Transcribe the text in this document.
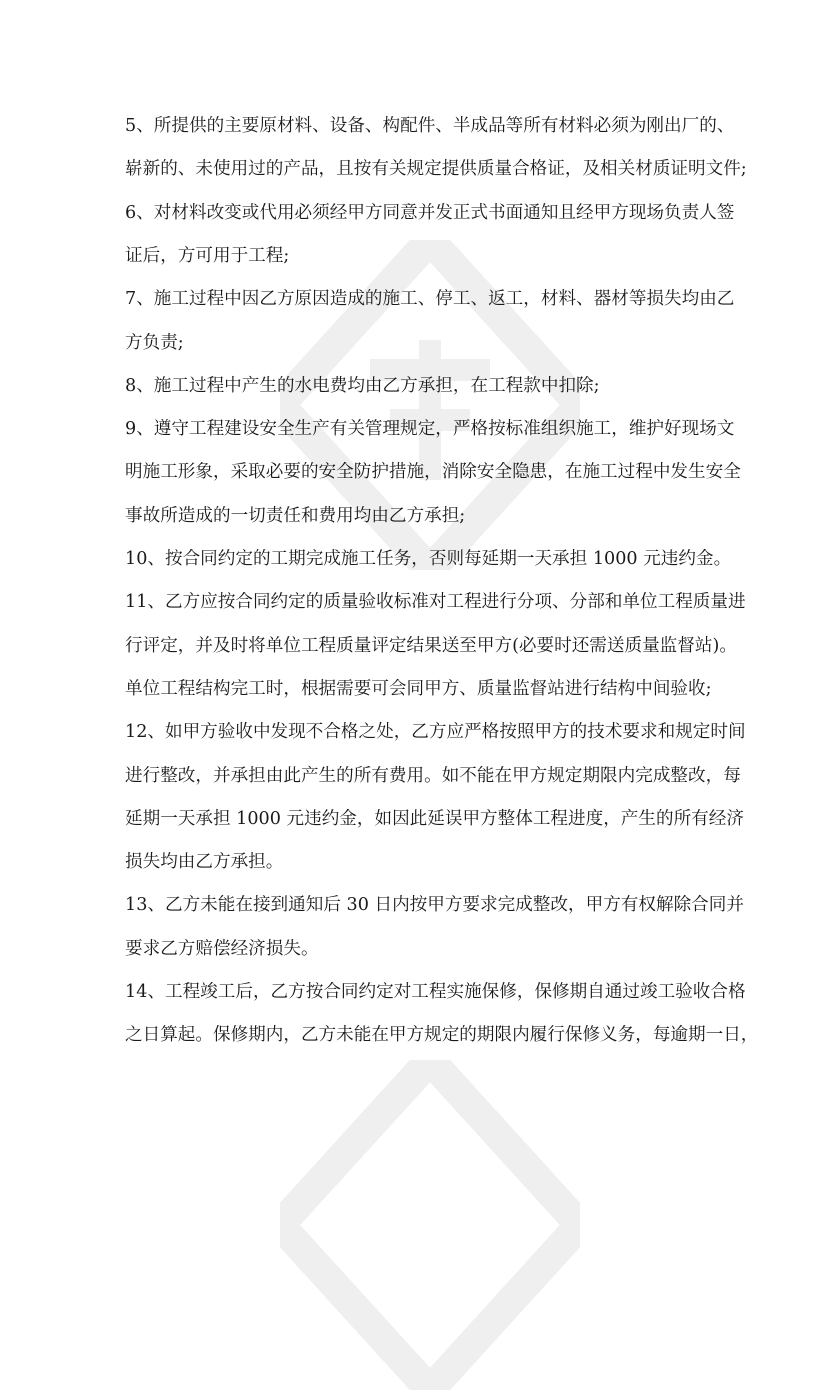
5、所提供的主要原材料、设备、构配件、半成品等所有材料必须为刚出厂的、
崭新的、未使用过的产品，且按有关规定提供质量合格证，及相关材质证明文件;
6、对材料改变或代用必须经甲方同意并发正式书面通知且经甲方现场负责人签
证后，方可用于工程;
7、施工过程中因乙方原因造成的施工、停工、返工，材料、器材等损失均由乙
方负责;
8、施工过程中产生的水电费均由乙方承担，在工程款中扣除;
9、遵守工程建设安全生产有关管理规定，严格按标准组织施工，维护好现场文
明施工形象，采取必要的安全防护措施，消除安全隐患，在施工过程中发生安全
事故所造成的一切责任和费用均由乙方承担;
10、按合同约定的工期完成施工任务，否则每延期一天承担 1000 元违约金。
11、乙方应按合同约定的质量验收标准对工程进行分项、分部和单位工程质量进
行评定，并及时将单位工程质量评定结果送至甲方(必要时还需送质量监督站)。
单位工程结构完工时，根据需要可会同甲方、质量监督站进行结构中间验收;
12、如甲方验收中发现不合格之处，乙方应严格按照甲方的技术要求和规定时间
进行整改，并承担由此产生的所有费用。如不能在甲方规定期限内完成整改，每
延期一天承担 1000 元违约金，如因此延误甲方整体工程进度，产生的所有经济
损失均由乙方承担。
13、乙方未能在接到通知后 30 日内按甲方要求完成整改，甲方有权解除合同并
要求乙方赔偿经济损失。
14、工程竣工后，乙方按合同约定对工程实施保修，保修期自通过竣工验收合格
之日算起。保修期内，乙方未能在甲方规定的期限内履行保修义务，每逾期一日，
